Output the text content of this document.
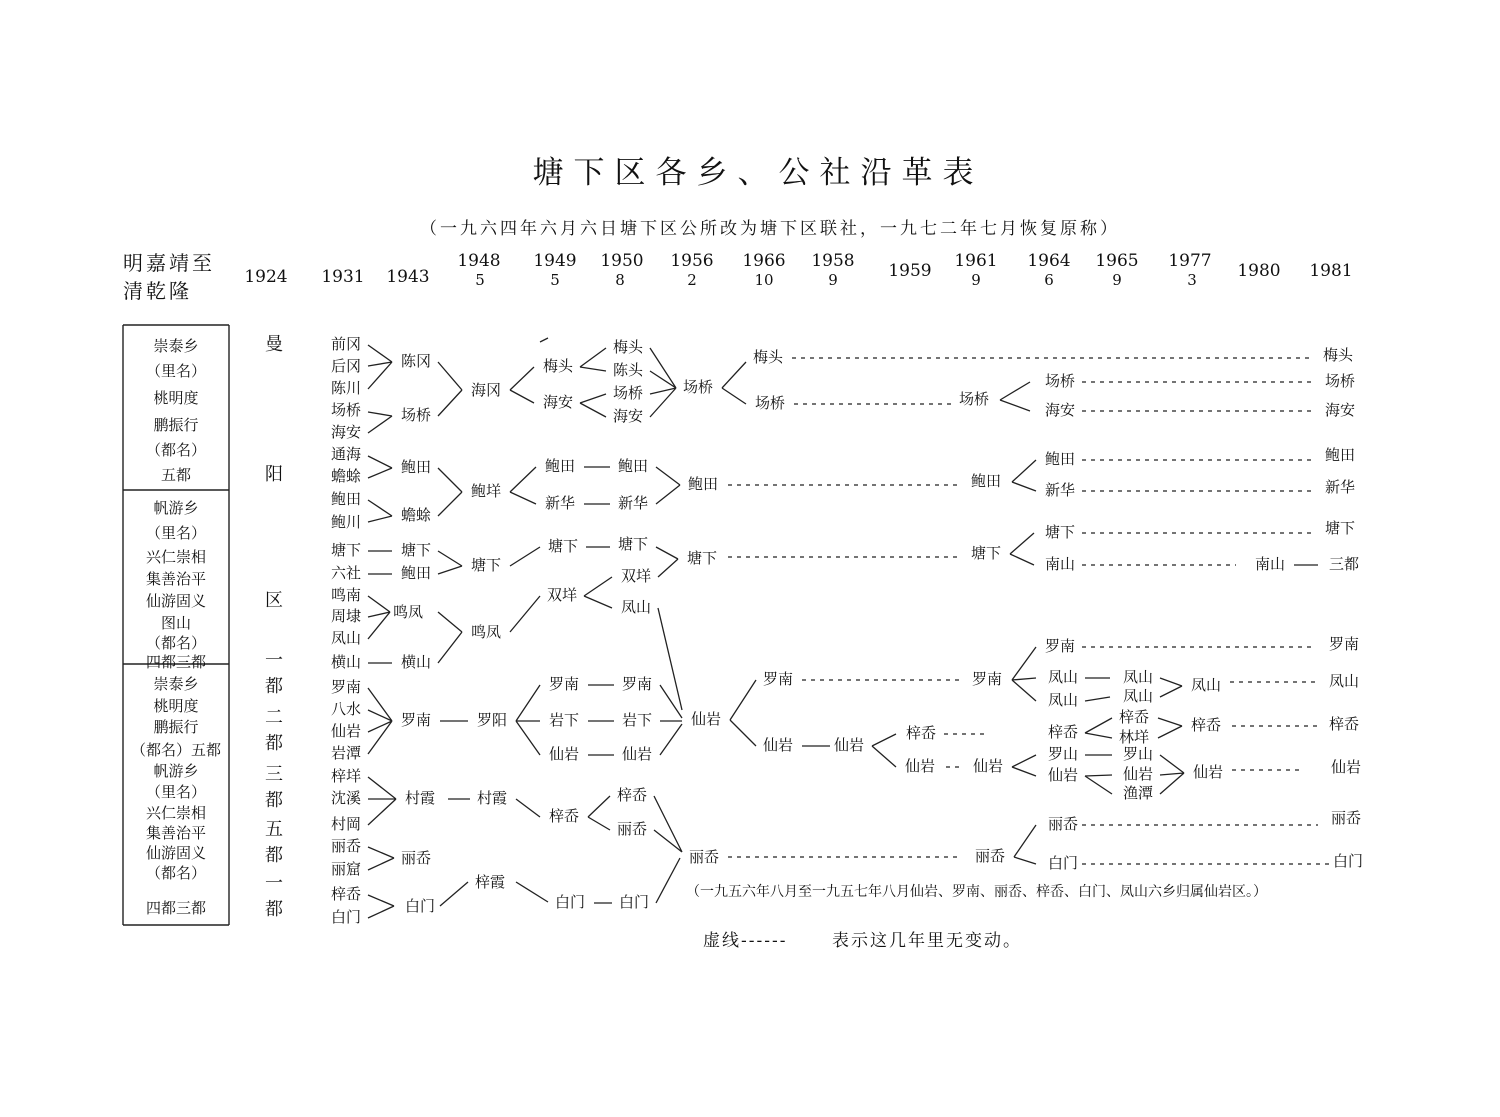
塘下区各乡、公社沿革表
（一九六四年六月六日塘下区公所改为塘下区联社，一九七二年七月恢复原称）
明嘉靖至
清乾隆
1924 1931 1943
1948
5
1949
5
1950
8
1956
2
1966
10
1958
9	1959 1961
9
1964
6
1965
9
1977
3 1980 1981
崇泰乡
（里名）
桃明度
鹏振行
（都名）
五都
帆游乡
（里名）
兴仁崇相
集善治平
仙游固义
图山
（都名）
四都三都
崇泰乡
桃明度
鹏振行
（都名）五都
帆游乡
（里名）
兴仁崇相
集善治平
仙游固义
（都名）
四都三都
曼
阳
区
一
都
二
都
三
都
五
都
一
都
前冈
后冈
陈川
场桥
海安
通海
蟾蜍
鲍田
鲍川
塘下
六社
鸣南
周埭
凤山
横山
罗南
八水
仙岩
岩潭
梓垟
沈溪
村岡
丽岙
丽窟
梓岙
白门
陈冈
场桥
鲍田
蟾蜍
塘下
鲍田
鸣凤
横山
罗南
村霞
丽岙
白门
海冈
鲍垟
塘下
鸣凤
罗阳
村霞
梓霞
梅头
海安
鲍田
新华
塘下
双垟
罗南
岩下
仙岩
梓岙
白门
梅头
陈头
场桥
海安
鲍田
新华
塘下
双垟
凤山
罗南
岩下
仙岩
梓岙
丽岙
白门
场桥
鲍田
塘下
仙岩
丽岙
梅头
场桥
罗南
仙岩
梓岙
仙岩
仙岩
场桥
鲍田
塘下
罗南
仙岩
丽岙
场桥
海安
鲍田
新华
塘下
南山
罗南
凤山
凤山
梓岙
罗山
仙岩
丽岙
白门
凤山
凤山
梓岙
林垟
罗山
仙岩
渔潭
凤山
梓岙
仙岩
南山
梅头
场桥
海安
鲍田
新华
塘下
三都
罗南
凤山
梓岙
仙岩
丽岙
白门
（一九五六年八月至一九五七年八月仙岩、罗南、丽岙、梓岙、白门、凤山六乡归属仙岩区。）
虚线------	表示这几年里无变动。
